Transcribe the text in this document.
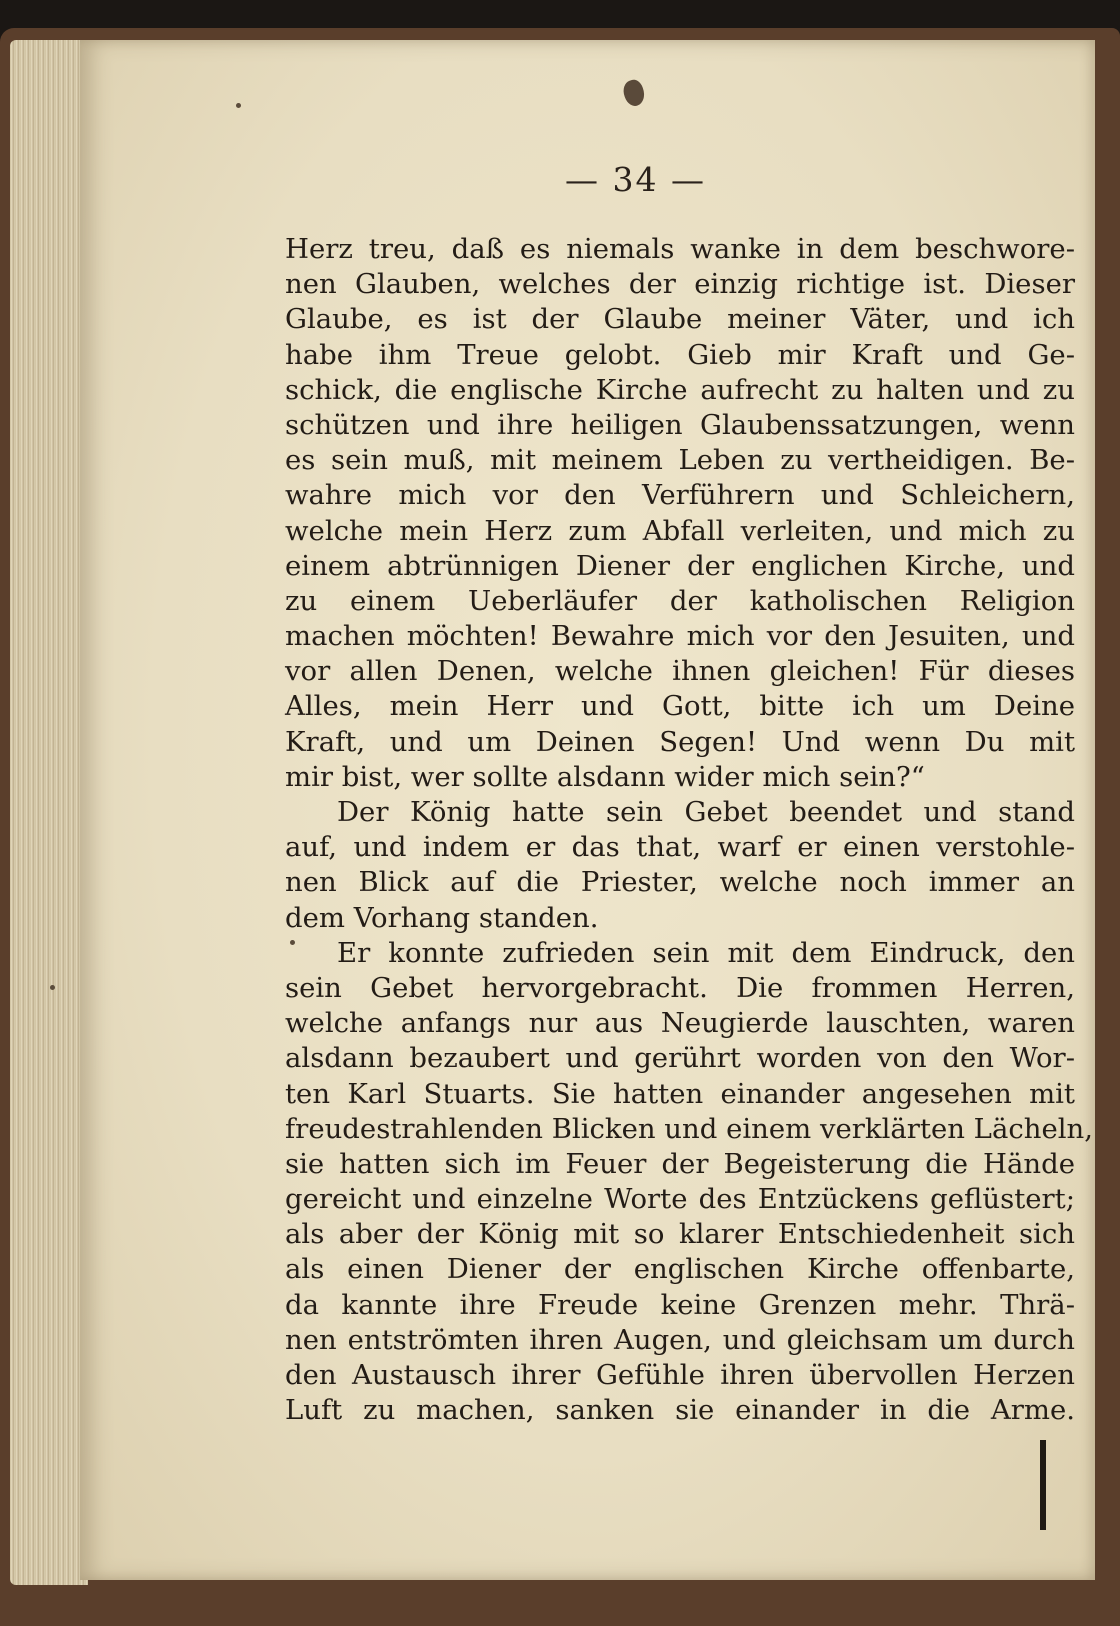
— 34 —
Herz treu, daß es niemals wanke in dem beschwore-
nen Glauben, welches der einzig richtige ist. Dieser
Glaube, es ist der Glaube meiner Väter, und ich
habe ihm Treue gelobt. Gieb mir Kraft und Ge-
schick, die englische Kirche aufrecht zu halten und zu
schützen und ihre heiligen Glaubenssatzungen, wenn
es sein muß, mit meinem Leben zu vertheidigen. Be-
wahre mich vor den Verführern und Schleichern,
welche mein Herz zum Abfall verleiten, und mich zu
einem abtrünnigen Diener der englichen Kirche, und
zu einem Ueberläufer der katholischen Religion
machen möchten! Bewahre mich vor den Jesuiten, und
vor allen Denen, welche ihnen gleichen! Für dieses
Alles, mein Herr und Gott, bitte ich um Deine
Kraft, und um Deinen Segen! Und wenn Du mit
mir bist, wer sollte alsdann wider mich sein?“
Der König hatte sein Gebet beendet und stand
auf, und indem er das that, warf er einen verstohle-
nen Blick auf die Priester, welche noch immer an
dem Vorhang standen.
Er konnte zufrieden sein mit dem Eindruck, den
sein Gebet hervorgebracht. Die frommen Herren,
welche anfangs nur aus Neugierde lauschten, waren
alsdann bezaubert und gerührt worden von den Wor-
ten Karl Stuarts. Sie hatten einander angesehen mit
freudestrahlenden Blicken und einem verklärten Lächeln,
sie hatten sich im Feuer der Begeisterung die Hände
gereicht und einzelne Worte des Entzückens geflüstert;
als aber der König mit so klarer Entschiedenheit sich
als einen Diener der englischen Kirche offenbarte,
da kannte ihre Freude keine Grenzen mehr. Thrä-
nen entströmten ihren Augen, und gleichsam um durch
den Austausch ihrer Gefühle ihren übervollen Herzen
Luft zu machen, sanken sie einander in die Arme.
